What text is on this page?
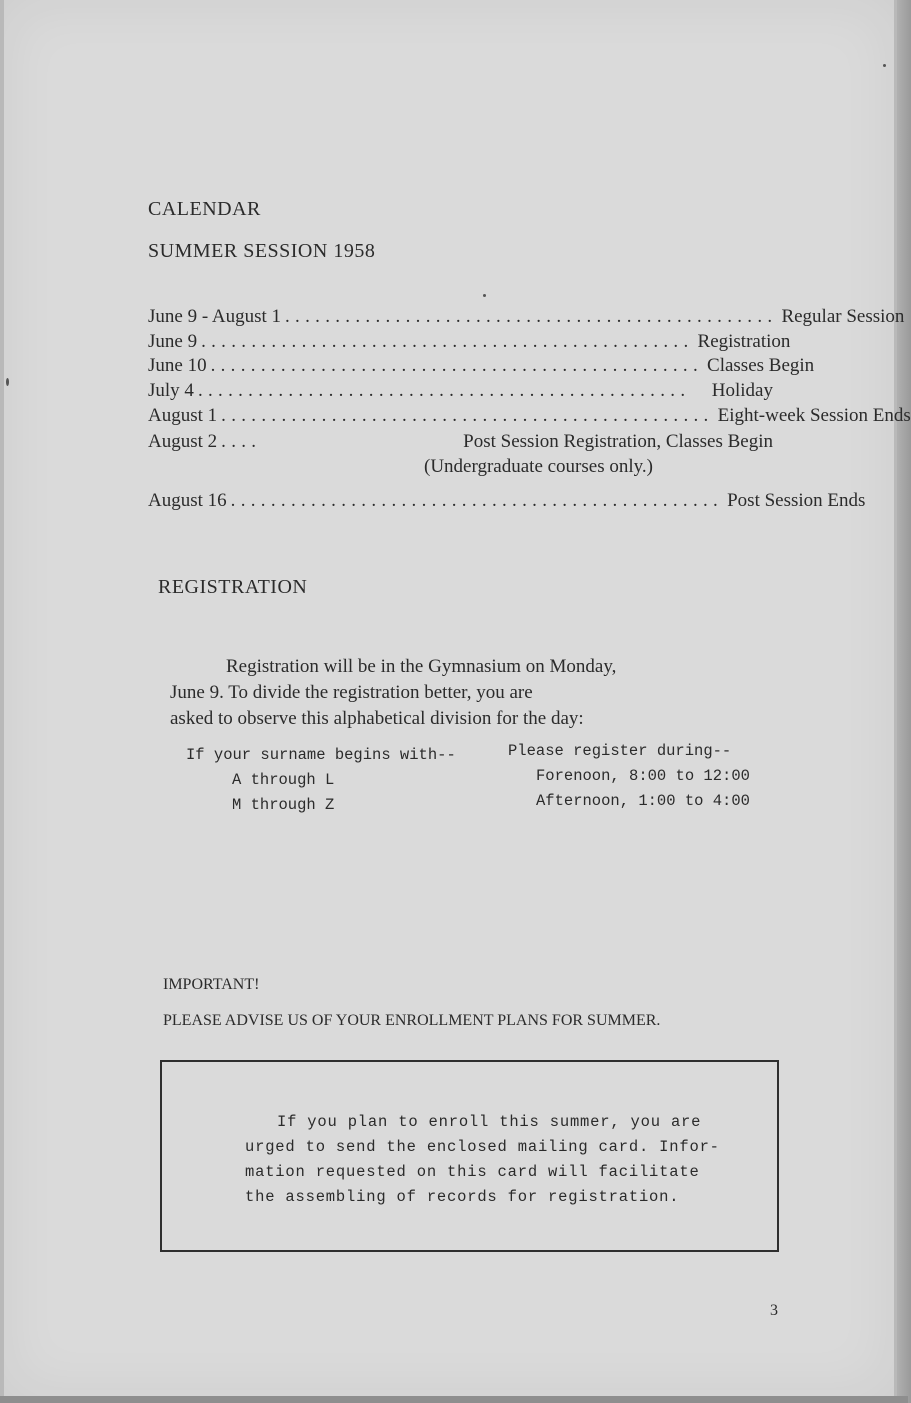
CALENDAR
SUMMER SESSION 1958
June 9 - August 1 ................................................. Regular Session
June 9 ................................................. Registration
June 10 ................................................. Classes Begin
July 4 .................................................	Holiday
August 1 ................................................. Eight-week Session Ends
August 2 ....	Post Session Registration, Classes Begin
(Undergraduate courses only.)
August 16 ................................................. Post Session Ends
REGISTRATION
Registration will be in the Gymnasium on Monday,
June 9. To divide the registration better, you are
asked to observe this alphabetical division for the day:
If your surname begins with--	Please register during--
A through L	Forenoon, 8:00 to 12:00
M through Z	Afternoon, 1:00 to 4:00
IMPORTANT!
PLEASE ADVISE US OF YOUR ENROLLMENT PLANS FOR SUMMER.
If you plan to enroll this summer, you are
urged to send the enclosed mailing card. Infor-
mation requested on this card will facilitate
the assembling of records for registration.
3
